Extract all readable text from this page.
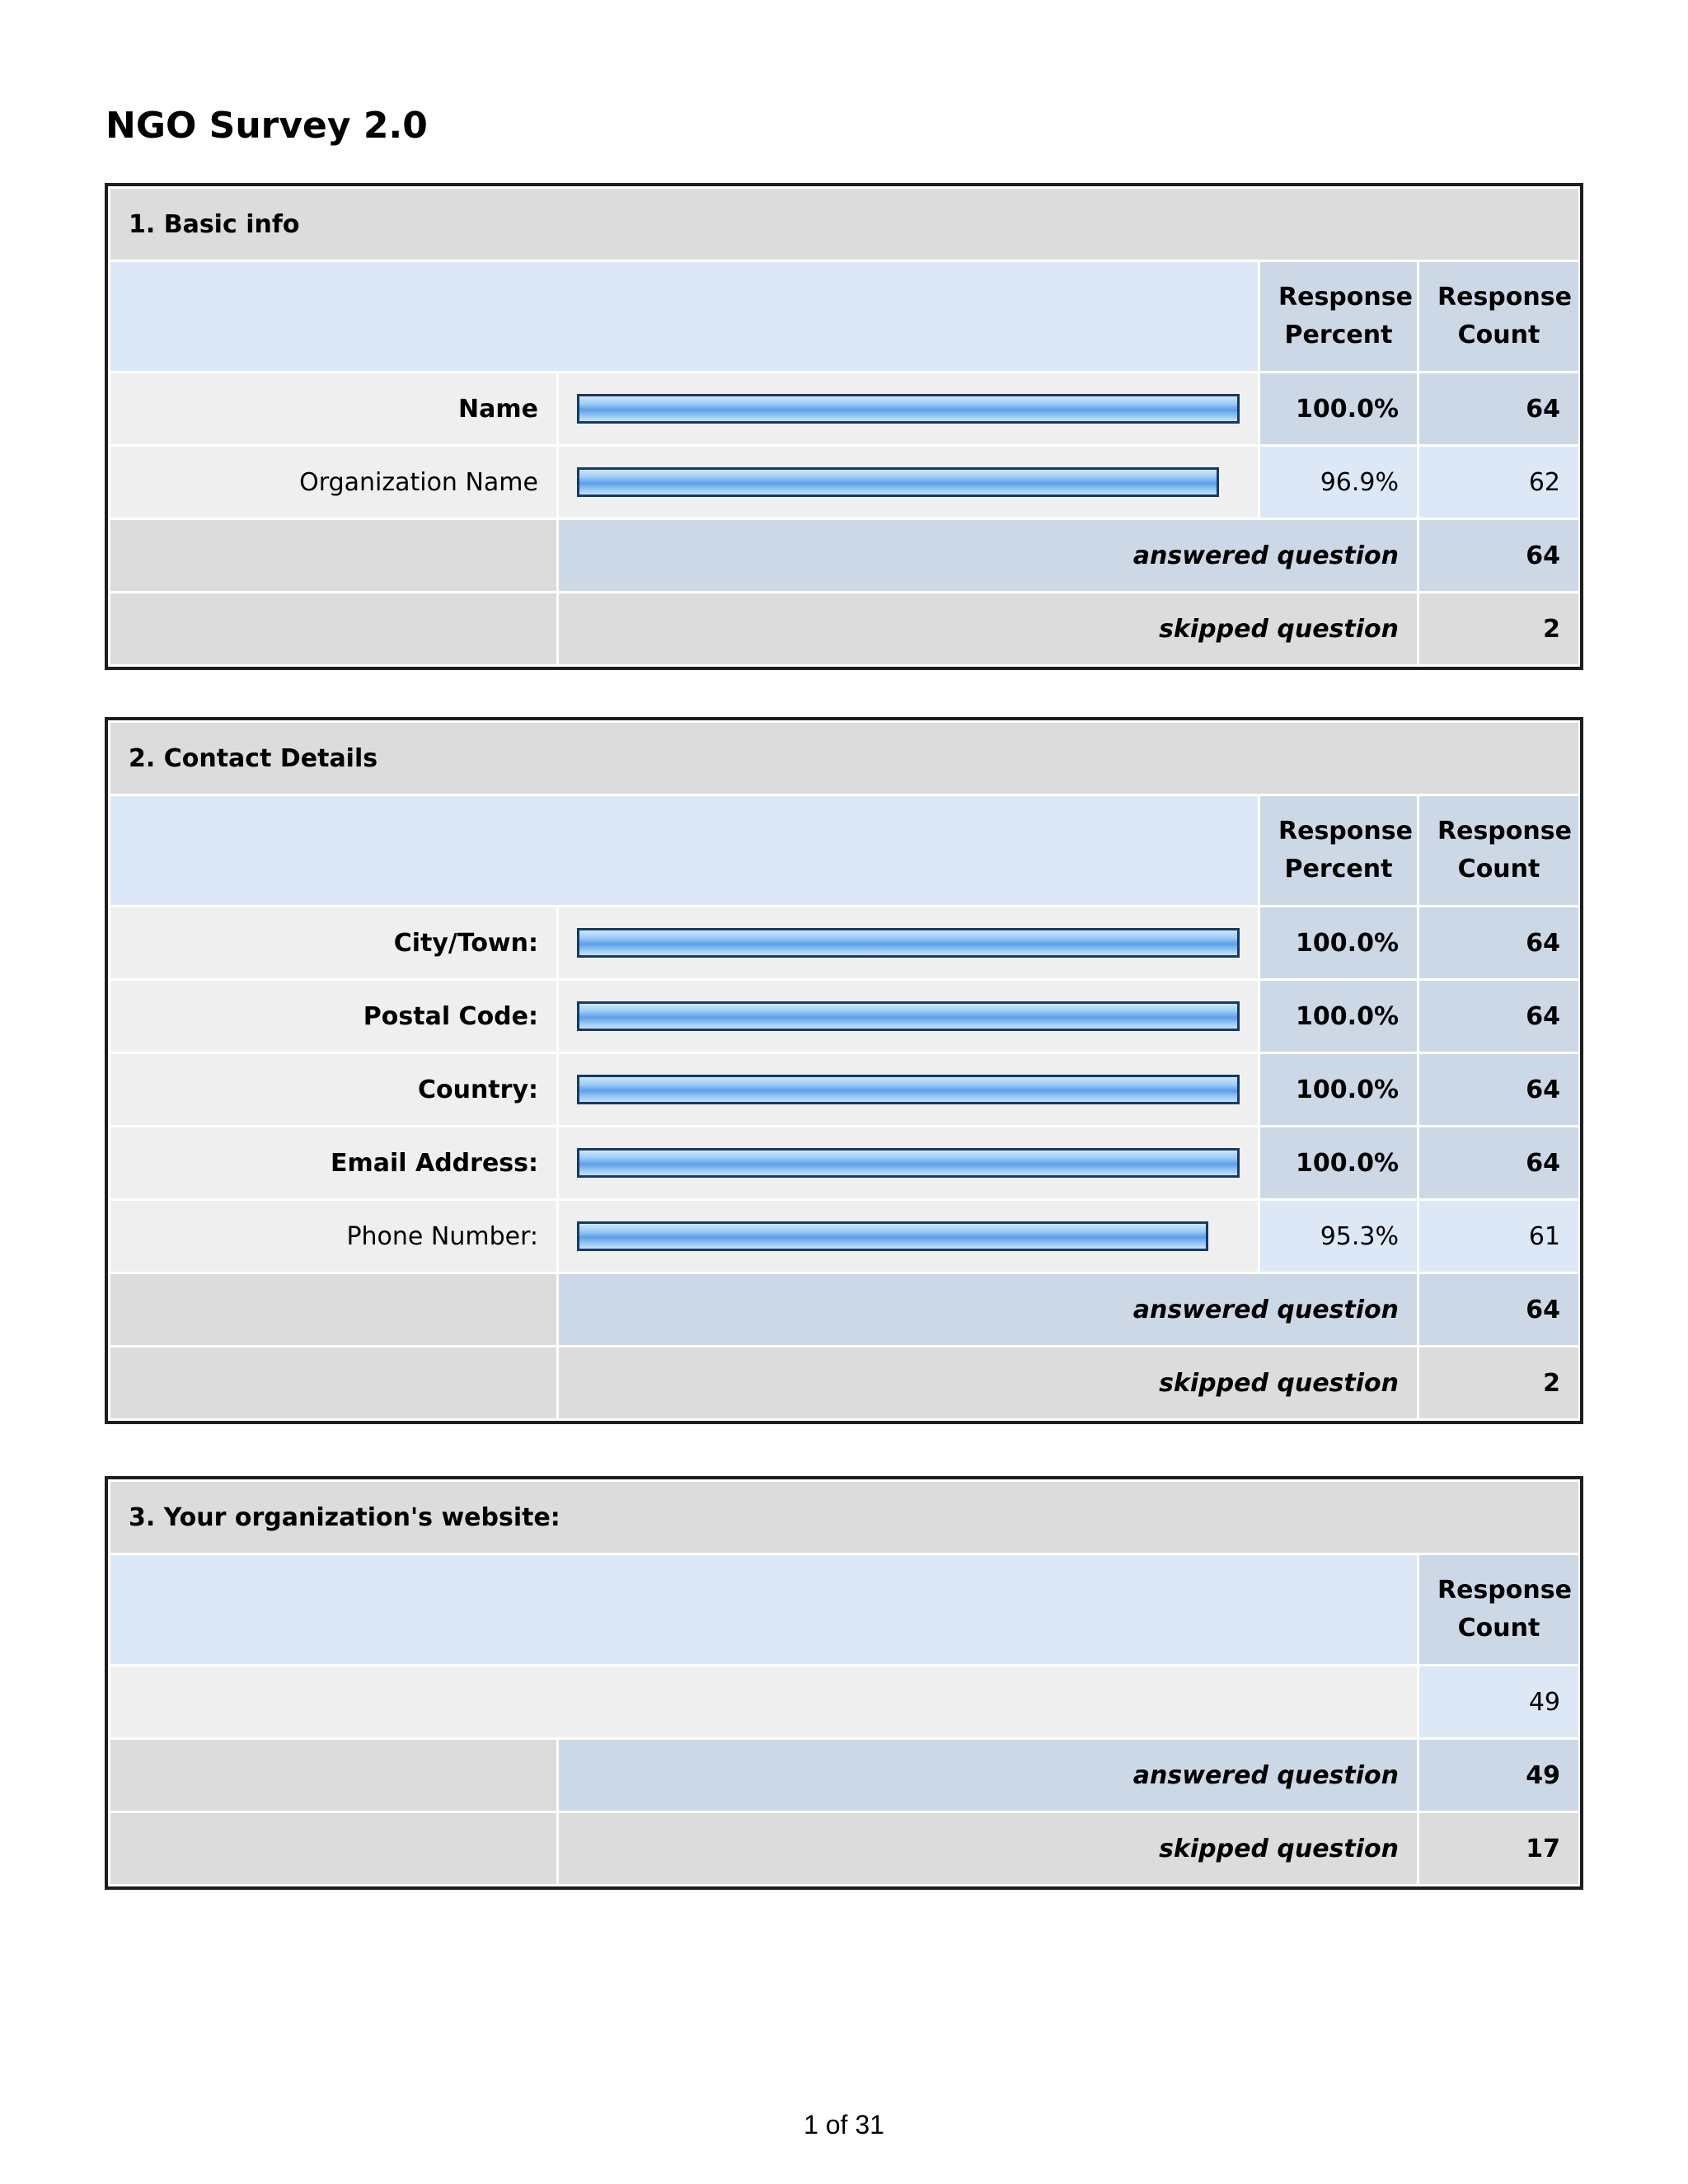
NGO Survey 2.0
1. Basic info			
		Response Percent	Response Count
Name		100.0%	64
Organization Name		96.9%	62
	answered question		64
	skipped question		2
2. Contact Details			
		Response Percent	Response Count
City/Town:		100.0%	64
Postal Code:		100.0%	64
Country:		100.0%	64
Email Address:		100.0%	64
Phone Number:		95.3%	61
	answered question		64
	skipped question		2
3. Your organization's website:		
		Response Count
		49
	answered question	49
	skipped question	17
1 of 31
